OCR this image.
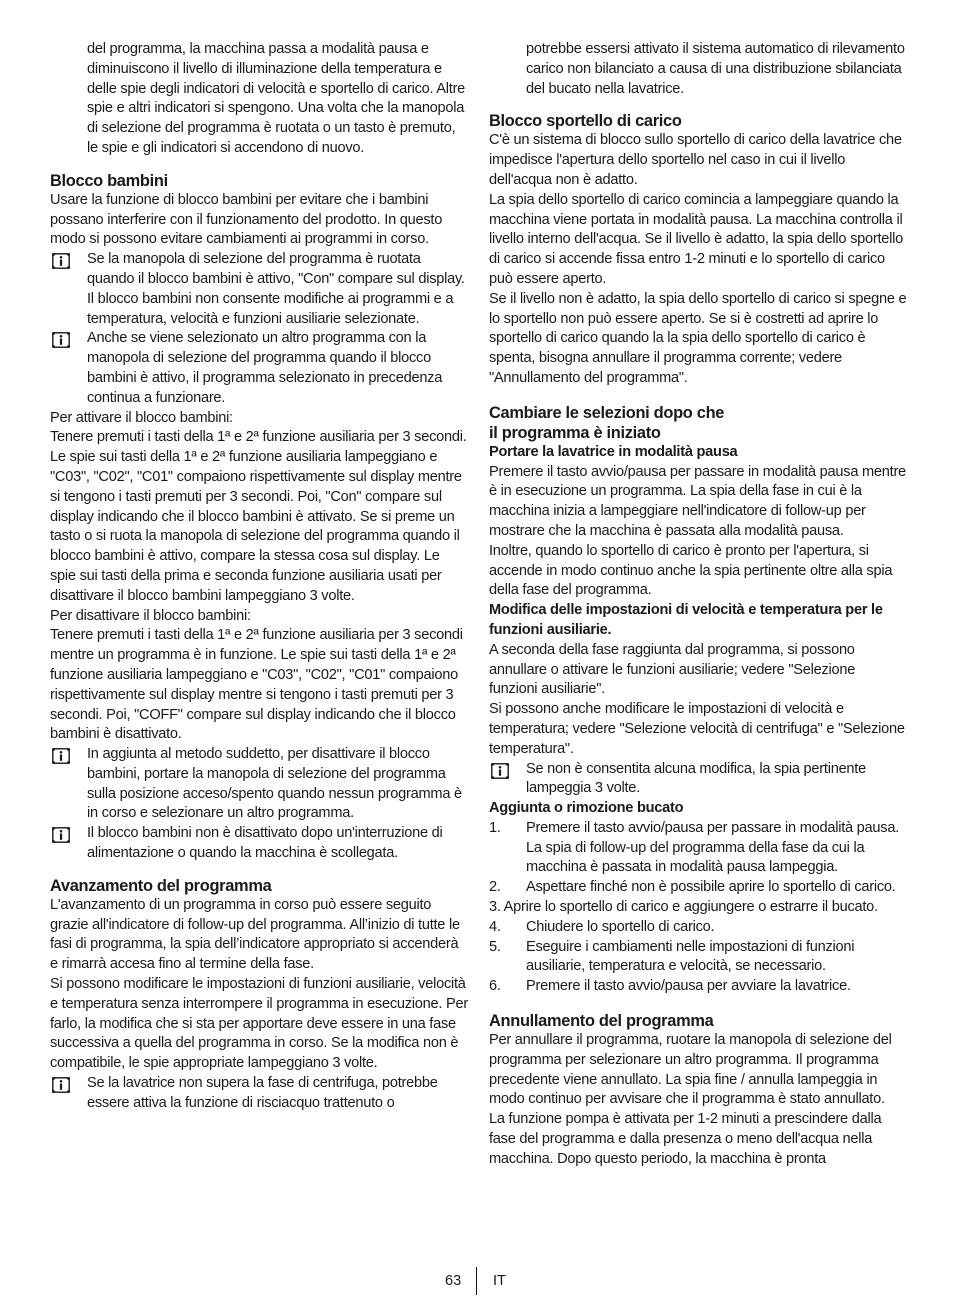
del programma, la macchina passa a modalità pausa e diminuiscono il livello di illuminazione della temperatura e delle spie degli indicatori di velocità e sportello di carico. Altre spie e altri indicatori si spengono. Una volta che la manopola di selezione del programma è ruotata o un tasto è premuto, le spie e gli indicatori si accendono di nuovo.

Blocco bambini

Usare la funzione di blocco bambini per evitare che i bambini possano interferire con il funzionamento del prodotto. In questo modo si possono evitare cambiamenti ai programmi in corso.

Se la manopola di selezione del programma è ruotata quando il blocco bambini è attivo, "Con" compare sul display. Il blocco bambini non consente modifiche ai programmi e a temperatura, velocità e funzioni ausiliarie selezionate.

Anche se viene selezionato un altro programma con la manopola di selezione del programma quando il blocco bambini è attivo, il programma selezionato in precedenza continua a funzionare.

Per attivare il blocco bambini:

Tenere premuti i tasti della 1ª e 2ª funzione ausiliaria per 3 secondi. Le spie sui tasti della 1ª e 2ª funzione ausiliaria lampeggiano e "C03", "C02", "C01" compaiono rispettivamente sul display mentre si tengono i tasti premuti per 3 secondi. Poi, "Con" compare sul display indicando che il blocco bambini è attivato. Se si preme un tasto o si ruota la manopola di selezione del programma quando il blocco bambini è attivo, compare la stessa cosa sul display. Le spie sui tasti della prima e seconda funzione ausiliaria usati per disattivare il blocco bambini lampeggiano 3 volte.

Per disattivare il blocco bambini:

Tenere premuti i tasti della 1ª e 2ª funzione ausiliaria per 3 secondi mentre un programma è in funzione. Le spie sui tasti della 1ª e 2ª funzione ausiliaria lampeggiano e "C03", "C02", "C01" compaiono rispettivamente sul display mentre si tengono i tasti premuti per 3 secondi. Poi, "COFF" compare sul display indicando che il blocco bambini è disattivato.

In aggiunta al metodo suddetto, per disattivare il blocco bambini, portare la manopola di selezione del programma sulla posizione acceso/spento quando nessun programma è in corso e selezionare un altro programma.

Il blocco bambini non è disattivato dopo un'interruzione di alimentazione o quando la macchina è scollegata.

Avanzamento del programma

L'avanzamento di un programma in corso può essere seguito grazie all'indicatore di follow-up del programma. All’inizio di tutte le fasi di programma, la spia dell’indicatore appropriato si accenderà e rimarrà accesa fino al termine della fase.

Si possono modificare le impostazioni di funzioni ausiliarie, velocità e temperatura senza interrompere il programma in esecuzione. Per farlo, la modifica che si sta per apportare deve essere in una fase successiva a quella del programma in corso. Se la modifica non è compatibile, le spie appropriate lampeggiano 3 volte.

Se la lavatrice non supera la fase di centrifuga, potrebbe essere attiva la funzione di risciacquo trattenuto o

potrebbe essersi attivato il sistema automatico di rilevamento carico non bilanciato a causa di una distribuzione sbilanciata del bucato nella lavatrice.

Blocco sportello di carico

C'è un sistema di blocco sullo sportello di carico della lavatrice che impedisce l'apertura dello sportello nel caso in cui il livello dell'acqua non è adatto.

La spia dello sportello di carico comincia a lampeggiare quando la macchina viene portata in modalità pausa. La macchina controlla il livello interno dell'acqua. Se il livello è adatto, la spia dello sportello di carico si accende fissa entro 1-2 minuti e lo sportello di carico può essere aperto.

Se il livello non è adatto, la spia dello sportello di carico si spegne e lo sportello non può essere aperto. Se si è costretti ad aprire lo sportello di carico quando la la spia dello sportello di carico è spenta, bisogna annullare il programma corrente; vedere "Annullamento del programma".

Cambiare le selezioni dopo che
il programma è iniziato
Portare la lavatrice in modalità pausa

Premere il tasto avvio/pausa per passare in modalità pausa mentre è in esecuzione un programma. La spia della fase in cui è la macchina inizia a lampeggiare nell'indicatore di follow-up per mostrare che la macchina è passata alla modalità pausa.

Inoltre, quando lo sportello di carico è pronto per l'apertura, si accende in modo continuo anche la spia pertinente oltre alla spia della fase del programma.

Modifica delle impostazioni di velocità e temperatura per le funzioni ausiliarie.

A seconda della fase raggiunta dal programma, si possono annullare o attivare le funzioni ausiliarie; vedere "Selezione funzioni ausiliarie".

Si possono anche modificare le impostazioni di velocità e temperatura; vedere "Selezione velocità di centrifuga" e "Selezione temperatura".

Se non è consentita alcuna modifica, la spia pertinente lampeggia 3 volte.

Aggiunta o rimozione bucato
1. Premere il tasto avvio/pausa per passare in modalità pausa. La spia di follow-up del programma della fase da cui la macchina è passata in modalità pausa lampeggia.
2. Aspettare finché non è possibile aprire lo sportello di carico.
3. Aprire lo sportello di carico e aggiungere o estrarre il bucato.
4. Chiudere lo sportello di carico.
5. Eseguire i cambiamenti nelle impostazioni di funzioni ausiliarie, temperatura e velocità, se necessario.
6. Premere il tasto avvio/pausa per avviare la lavatrice.
Annullamento del programma

Per annullare il programma, ruotare la manopola di selezione del programma per selezionare un altro programma. Il programma precedente viene annullato. La spia fine / annulla lampeggia in modo continuo per avvisare che il programma è stato annullato.

La funzione pompa è attivata per 1-2 minuti a prescindere dalla fase del programma e dalla presenza o meno dell'acqua nella macchina. Dopo questo periodo, la macchina è pronta

63 IT
